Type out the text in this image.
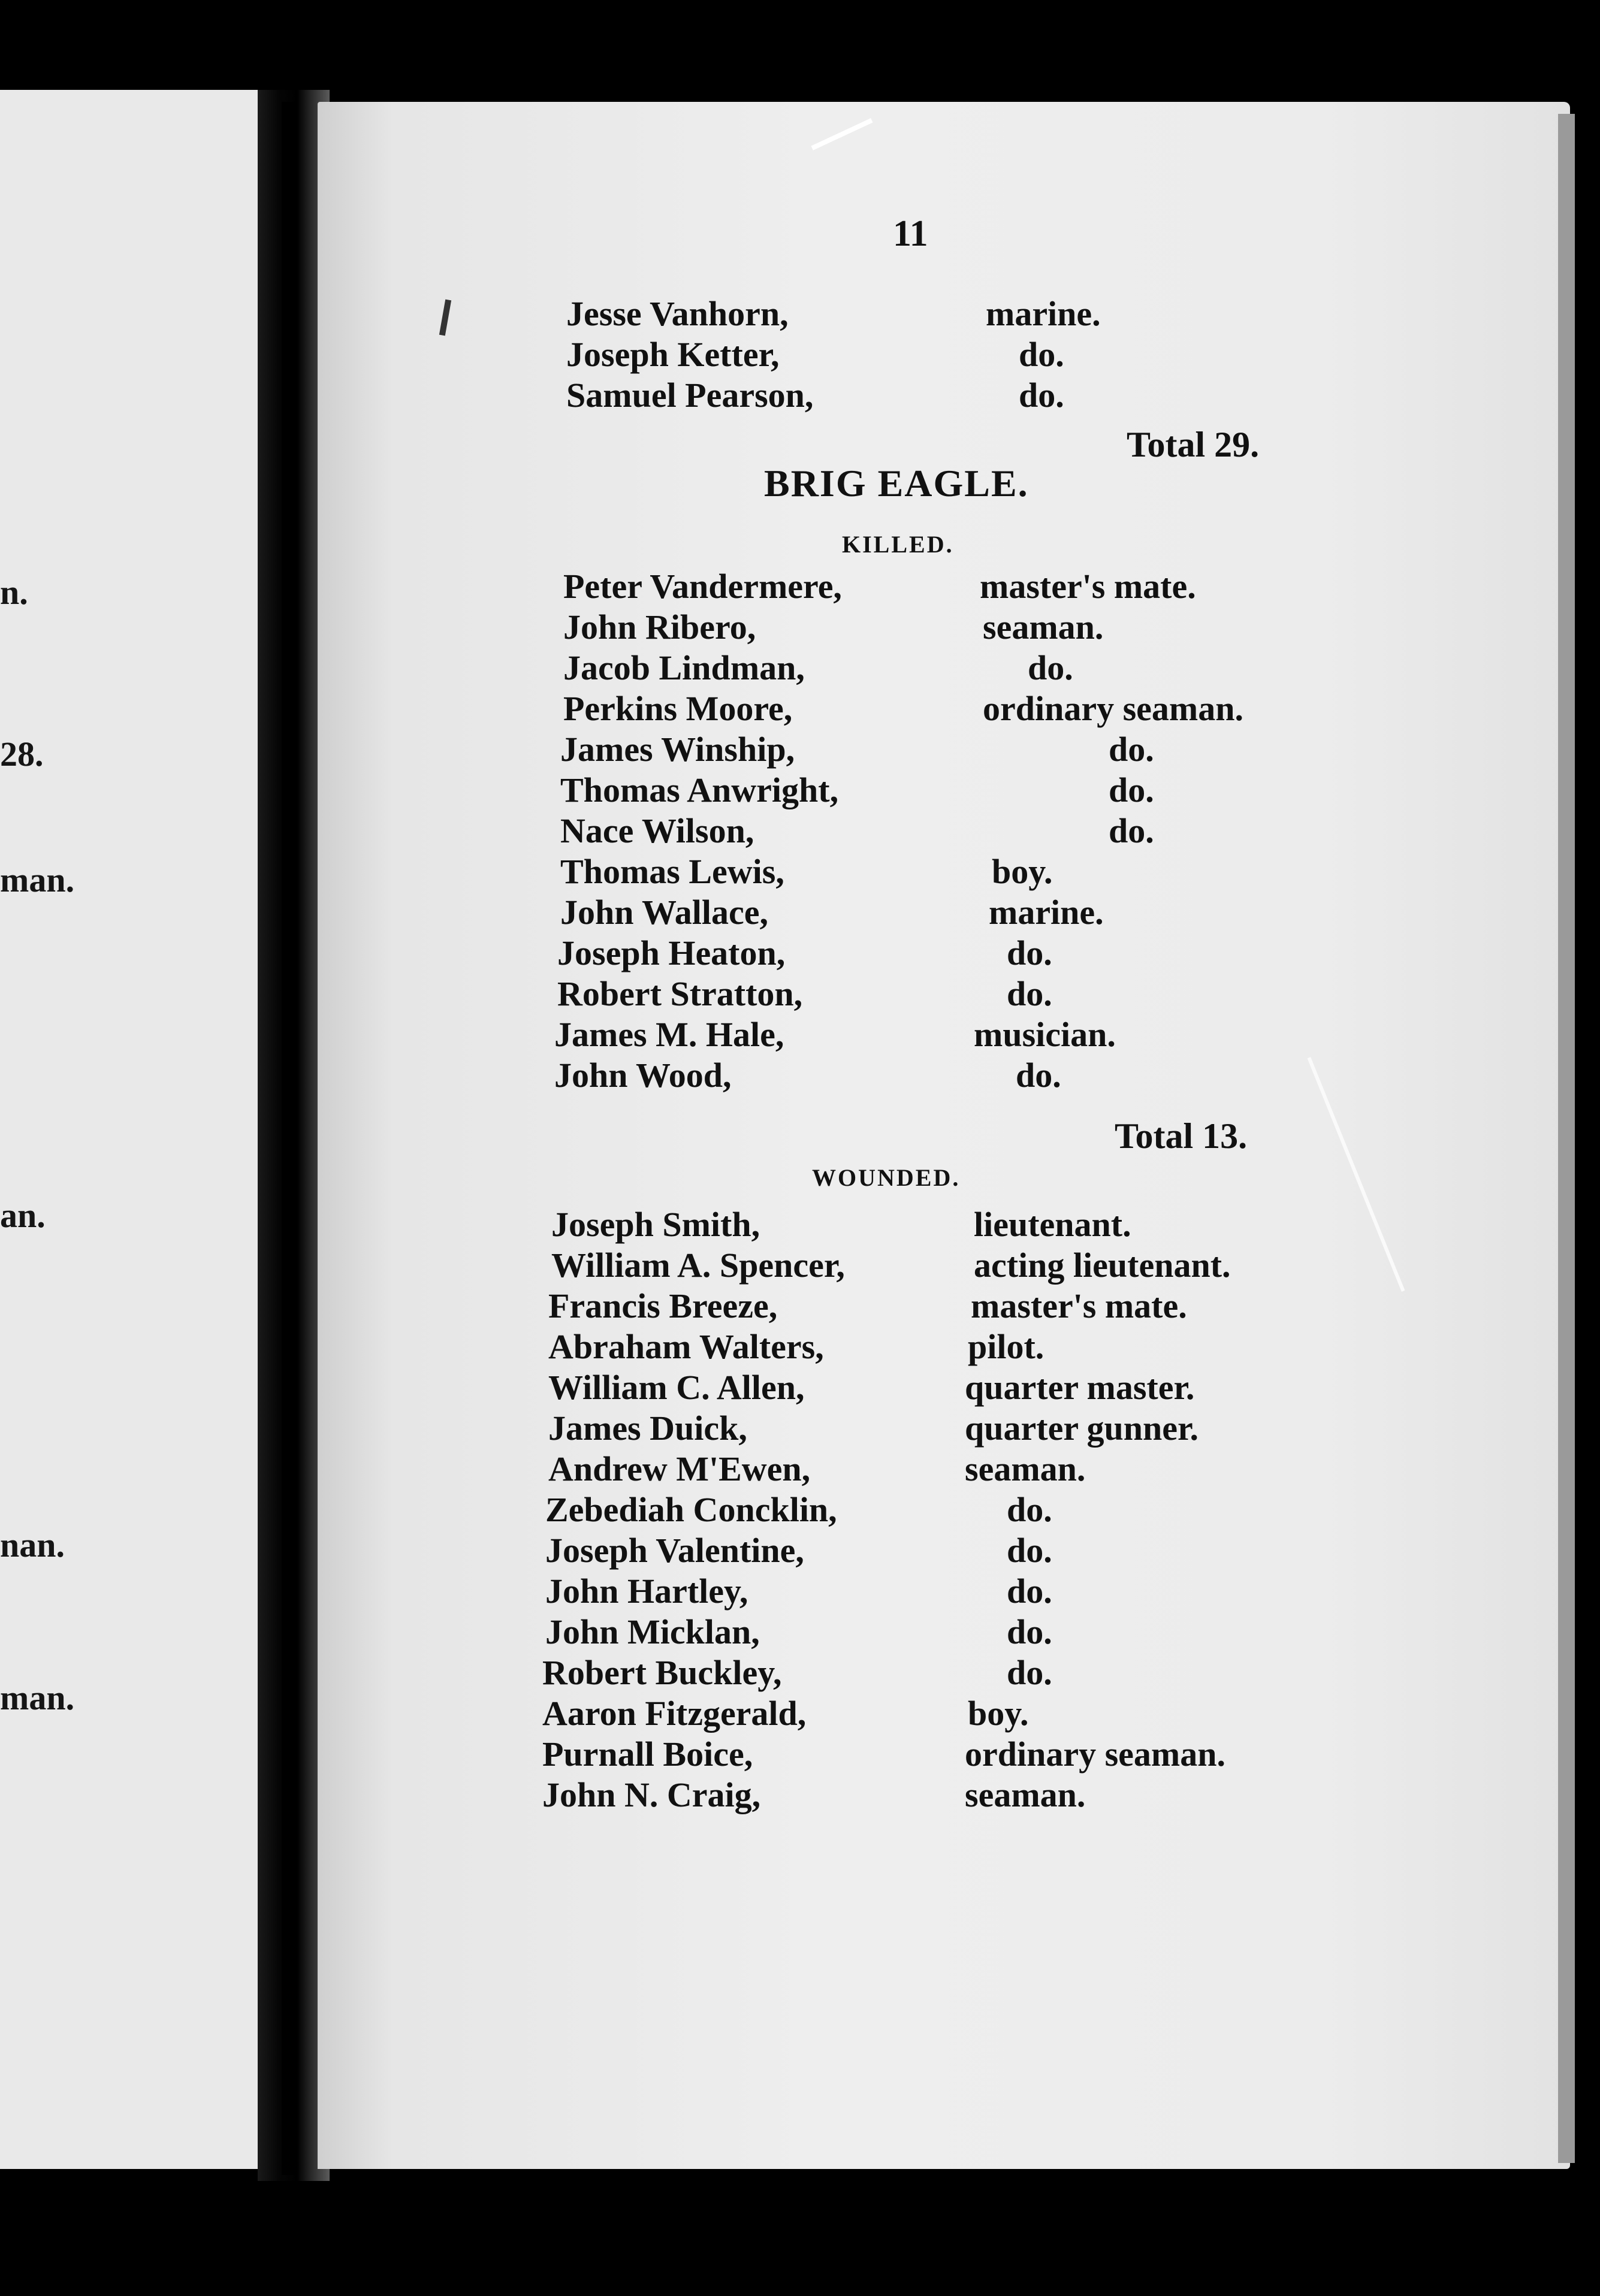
n.
28.
man.
an.
nan.
man.
11
Jesse Vanhorn,	marine.
Joseph Ketter,	do.
Samuel Pearson,	do.
Total 29.
BRIG EAGLE.
KILLED.
Peter Vandermere,	master's mate.
John Ribero,	seaman.
Jacob Lindman,	do.
Perkins Moore,	ordinary seaman.
James Winship,	do.
Thomas Anwright,	do.
Nace Wilson,	do.
Thomas Lewis,	boy.
John Wallace,	marine.
Joseph Heaton,	do.
Robert Stratton,	do.
James M. Hale,	musician.
John Wood,	do.
Total 13.
WOUNDED.
Joseph Smith,	lieutenant.
William A. Spencer,	acting lieutenant.
Francis Breeze,	master's mate.
Abraham Walters,	pilot.
William C. Allen,	quarter master.
James Duick,	quarter gunner.
Andrew M'Ewen,	seaman.
Zebediah Concklin,	do.
Joseph Valentine,	do.
John Hartley,	do.
John Micklan,	do.
Robert Buckley,	do.
Aaron Fitzgerald,	boy.
Purnall Boice,	ordinary seaman.
John N. Craig,	seaman.
